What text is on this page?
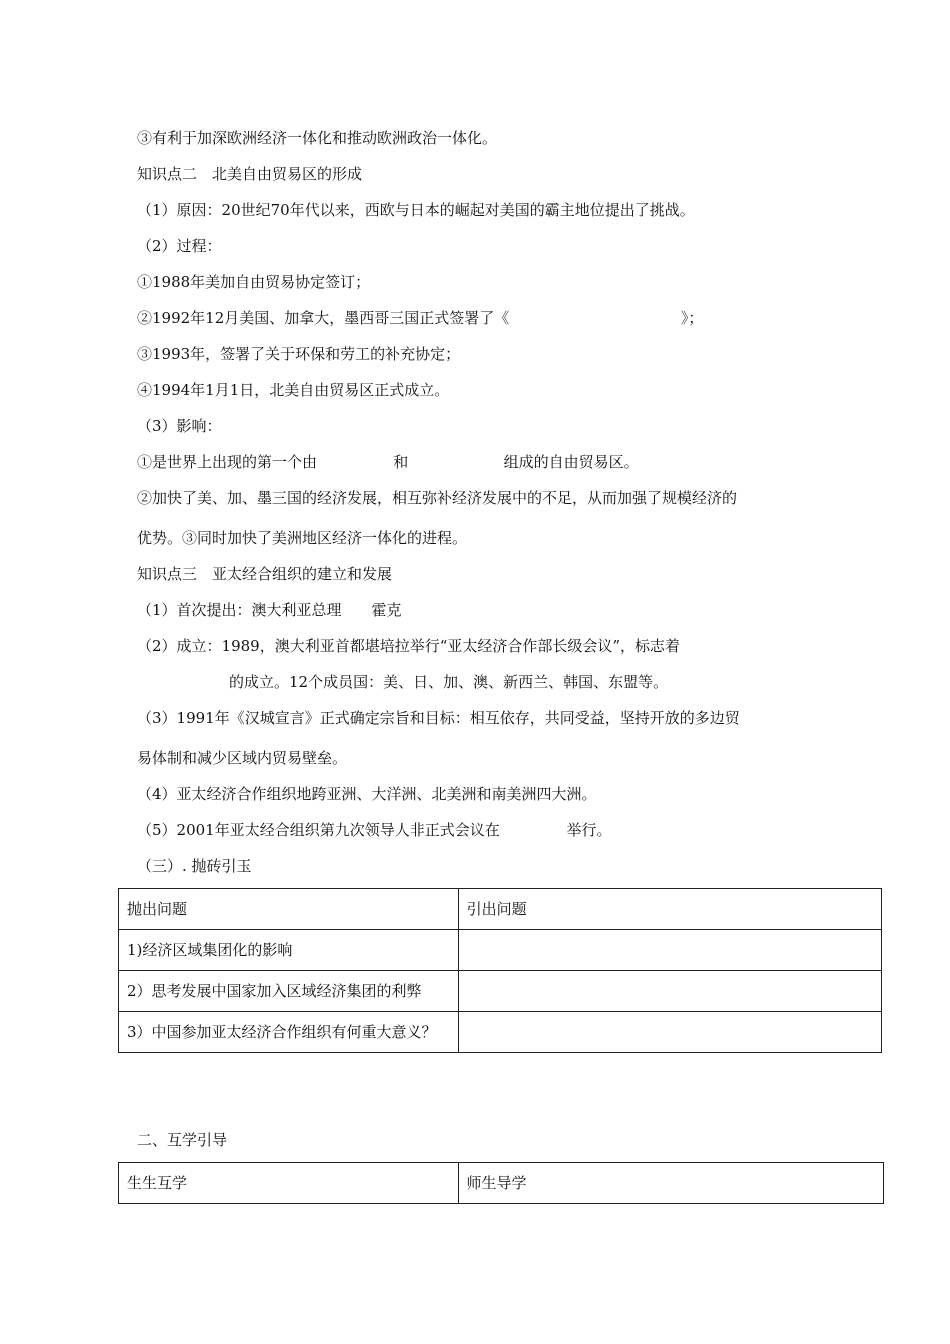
③有利于加深欧洲经济一体化和推动欧洲政治一体化。
知识点二　北美自由贸易区的形成
（1）原因：20世纪70年代以来，西欧与日本的崛起对美国的霸主地位提出了挑战。
（2）过程：
①1988年美加自由贸易协定签订；
②1992年12月美国、加拿大，墨西哥三国正式签署了《                                    》；
③1993年，签署了关于环保和劳工的补充协定；
④1994年1月1日，北美自由贸易区正式成立。
（3）影响：
①是世界上出现的第一个由                和                    组成的自由贸易区。
②加快了美、加、墨三国的经济发展，相互弥补经济发展中的不足，从而加强了规模经济的
优势。③同时加快了美洲地区经济一体化的进程。
知识点三　亚太经合组织的建立和发展
（1）首次提出：澳大利亚总理　　霍克
（2）成立：1989，澳大利亚首都堪培拉举行“亚太经济合作部长级会议”，标志着
的成立。12个成员国：美、日、加、澳、新西兰、韩国、东盟等。
（3）1991年《汉城宣言》正式确定宗旨和目标：相互依存，共同受益，坚持开放的多边贸
易体制和减少区域内贸易壁垒。
（4）亚太经济合作组织地跨亚洲、大洋洲、北美洲和南美洲四大洲。
（5）2001年亚太经合组织第九次领导人非正式会议在              举行。
（三）. 抛砖引玉
抛出问题	引出问题
1)经济区域集团化的影响	
2）思考发展中国家加入区域经济集团的利弊	
3）中国参加亚太经济合作组织有何重大意义？	
二、互学引导
生生互学	师生导学
